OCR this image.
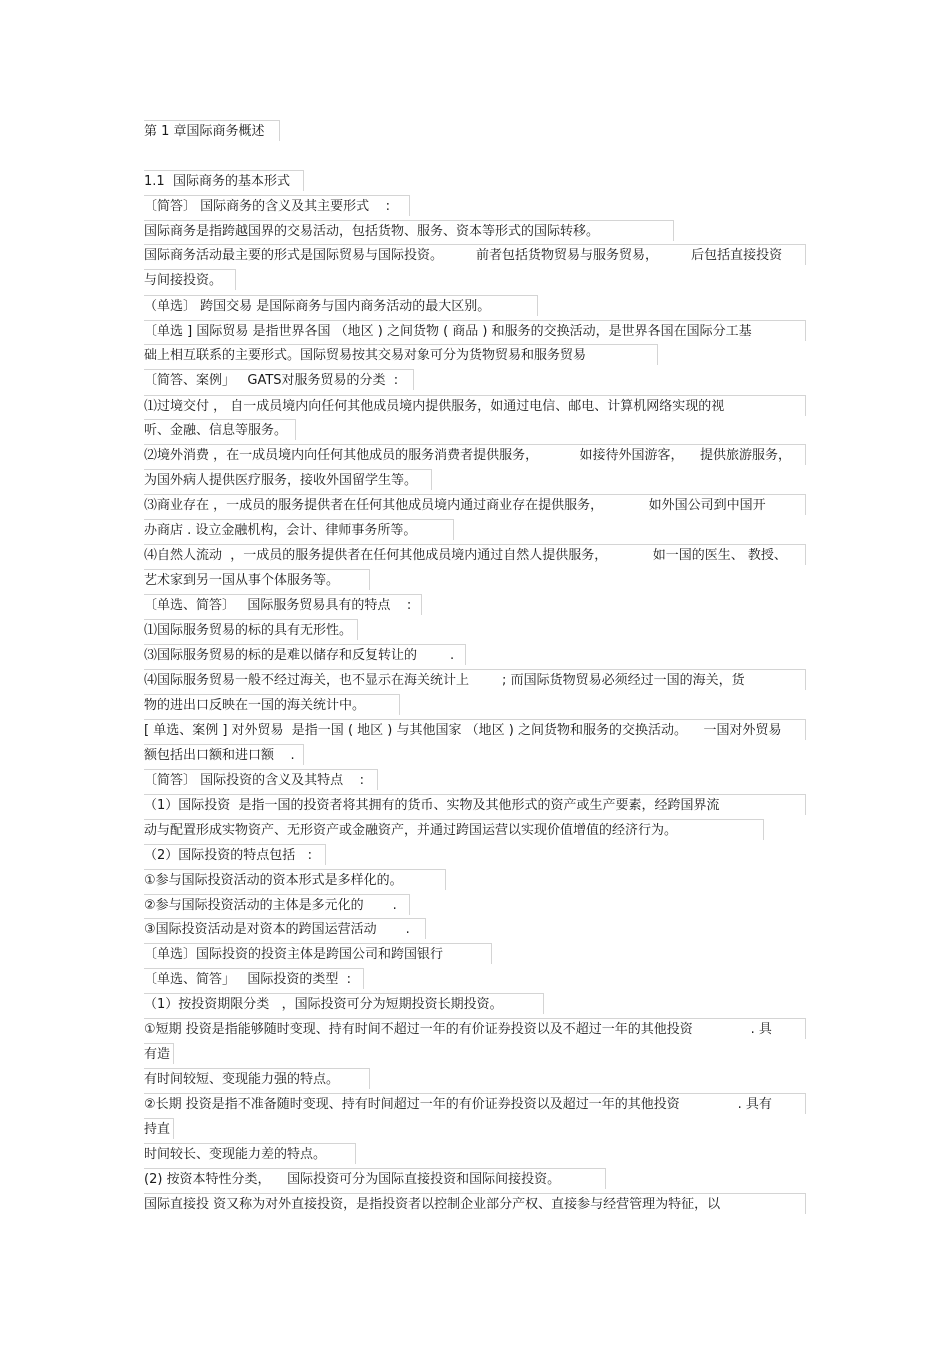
第 1 章国际商务概述
1.1  国际商务的基本形式
〔简答〕 国际商务的含义及其主要形式    :
国际商务是指跨越国界的交易活动，包括货物、服务、资本等形式的国际转移。
国际商务活动最主要的形式是国际贸易与国际投资。        前者包括货物贸易与服务贸易，        后包括直接投资
与间接投资。
（单选〕 跨国交易 是国际商务与国内商务活动的最大区别。
〔单选 ] 国际贸易 是指世界各国 （地区 ) 之间货物 ( 商品 ) 和服务的交换活动，是世界各国在国际分工基
础上相互联系的主要形式。国际贸易按其交易对象可分为货物贸易和服务贸易
〔简答、案例」   GATS对服务贸易的分类  :
⑴过境交付 ， 自一成员境内向任何其他成员境内提供服务，如通过电信、邮电、计算机网络实现的视
听、金融、信息等服务。
⑵境外消费 ，在一成员境内向任何其他成员的服务消费者提供服务，          如接待外国游客，    提供旅游服务，
为国外病人提供医疗服务，接收外国留学生等。
⑶商业存在 ，一成员的服务提供者在任何其他成员境内通过商业存在提供服务，           如外国公司到中国开
办商店 . 设立金融机构，会计、律师事务所等。
⑷自然人流动  ，一成员的服务提供者在任何其他成员境内通过自然人提供服务，           如一国的医生、 教授、
艺术家到另一国从事个体服务等。
〔单选、简答〕   国际服务贸易具有的特点    :
⑴国际服务贸易的标的具有无形性。
⑶国际服务贸易的标的是难以储存和反复转让的        .
⑷国际服务贸易一般不经过海关，也不显示在海关统计上        ; 而国际货物贸易必须经过一国的海关，货
物的进出口反映在一国的海关统计中。
[ 单选、案例 ] 对外贸易  是指一国 ( 地区 ) 与其他国家 （地区 ) 之间货物和服务的交换活动。    一国对外贸易
额包括出口额和进口额    .
〔简答〕 国际投资的含义及其特点    :
（1）国际投资  是指一国的投资者将其拥有的货币、实物及其他形式的资产或生产要素，经跨国界流
动与配置形成实物资产、无形资产或金融资产，并通过跨国运营以实现价值增值的经济行为。
（2）国际投资的特点包括   :
①参与国际投资活动的资本形式是多样化的。
②参与国际投资活动的主体是多元化的       .
③国际投资活动是对资本的跨国运营活动       .
〔单选〕国际投资的投资主体是跨国公司和跨国银行
〔单选、简答」   国际投资的类型  :
（1）按投资期限分类   ，国际投资可分为短期投资长期投资。
①短期 投资是指能够随时变现、持有时间不超过一年的有价证券投资以及不超过一年的其他投资              . 具
有造
有时间较短、变现能力强的特点。
②长期 投资是指不准备随时变现、持有时间超过一年的有价证券投资以及超过一年的其他投资              . 具有
持直
时间较长、变现能力差的特点。
(2) 按资本特性分类，    国际投资可分为国际直接投资和国际间接投资。
国际直接投 资又称为对外直接投资，是指投资者以控制企业部分产权、直接参与经营管理为特征，以
